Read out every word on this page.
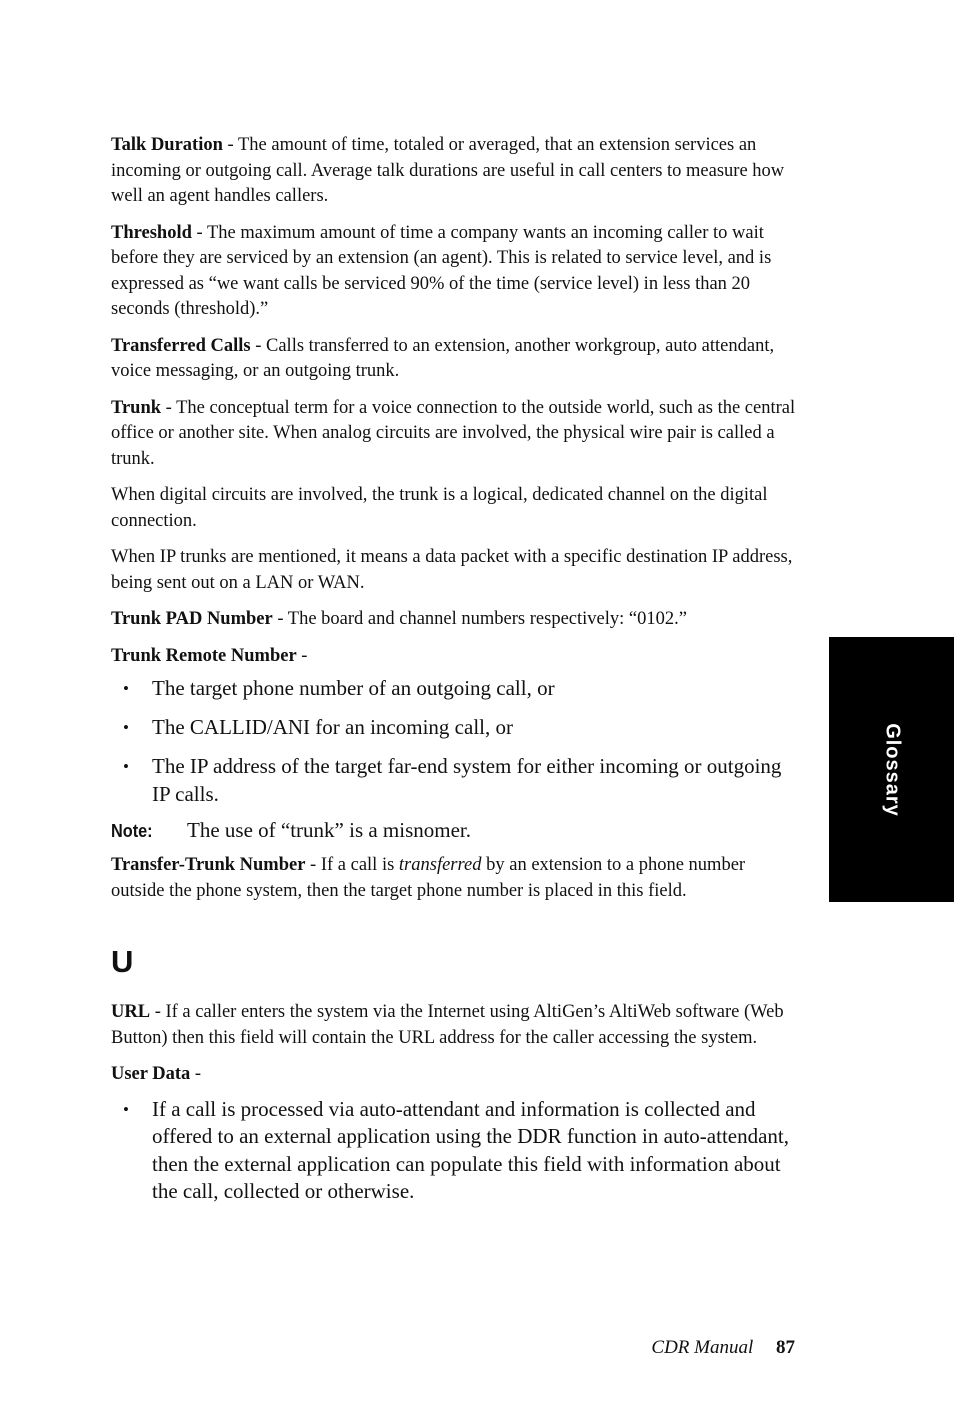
Talk Duration - The amount of time, totaled or averaged, that an extension services an incoming or outgoing call. Average talk durations are useful in call centers to measure how well an agent handles callers.

Threshold - The maximum amount of time a company wants an incoming caller to wait before they are serviced by an extension (an agent). This is related to service level, and is expressed as “we want calls be serviced 90% of the time (service level) in less than 20 seconds (threshold).”

Transferred Calls - Calls transferred to an extension, another workgroup, auto attendant, voice messaging, or an outgoing trunk.

Trunk - The conceptual term for a voice connection to the outside world, such as the central office or another site. When analog circuits are involved, the physical wire pair is called a trunk.

When digital circuits are involved, the trunk is a logical, dedicated channel on the digital connection.

When IP trunks are mentioned, it means a data packet with a specific destination IP address, being sent out on a LAN or WAN.

Trunk PAD Number - The board and channel numbers respectively: “0102.”

Trunk Remote Number -

• The target phone number of an outgoing call, or
• The CALLID/ANI for an incoming call, or
• The IP address of the target far-end system for either incoming or outgoing IP calls.
Note:	The use of “trunk” is a misnomer.

Transfer-Trunk Number - If a call is transferred by an extension to a phone number outside the phone system, then the target phone number is placed in this field.

U

URL - If a caller enters the system via the Internet using AltiGen’s AltiWeb software (Web Button) then this field will contain the URL address for the caller accessing the system.

User Data -

• If a call is processed via auto-attendant and information is collected and offered to an external application using the DDR function in auto-attendant, then the external application can populate this field with information about the call, collected or otherwise.
Glossary
CDR Manual 87
